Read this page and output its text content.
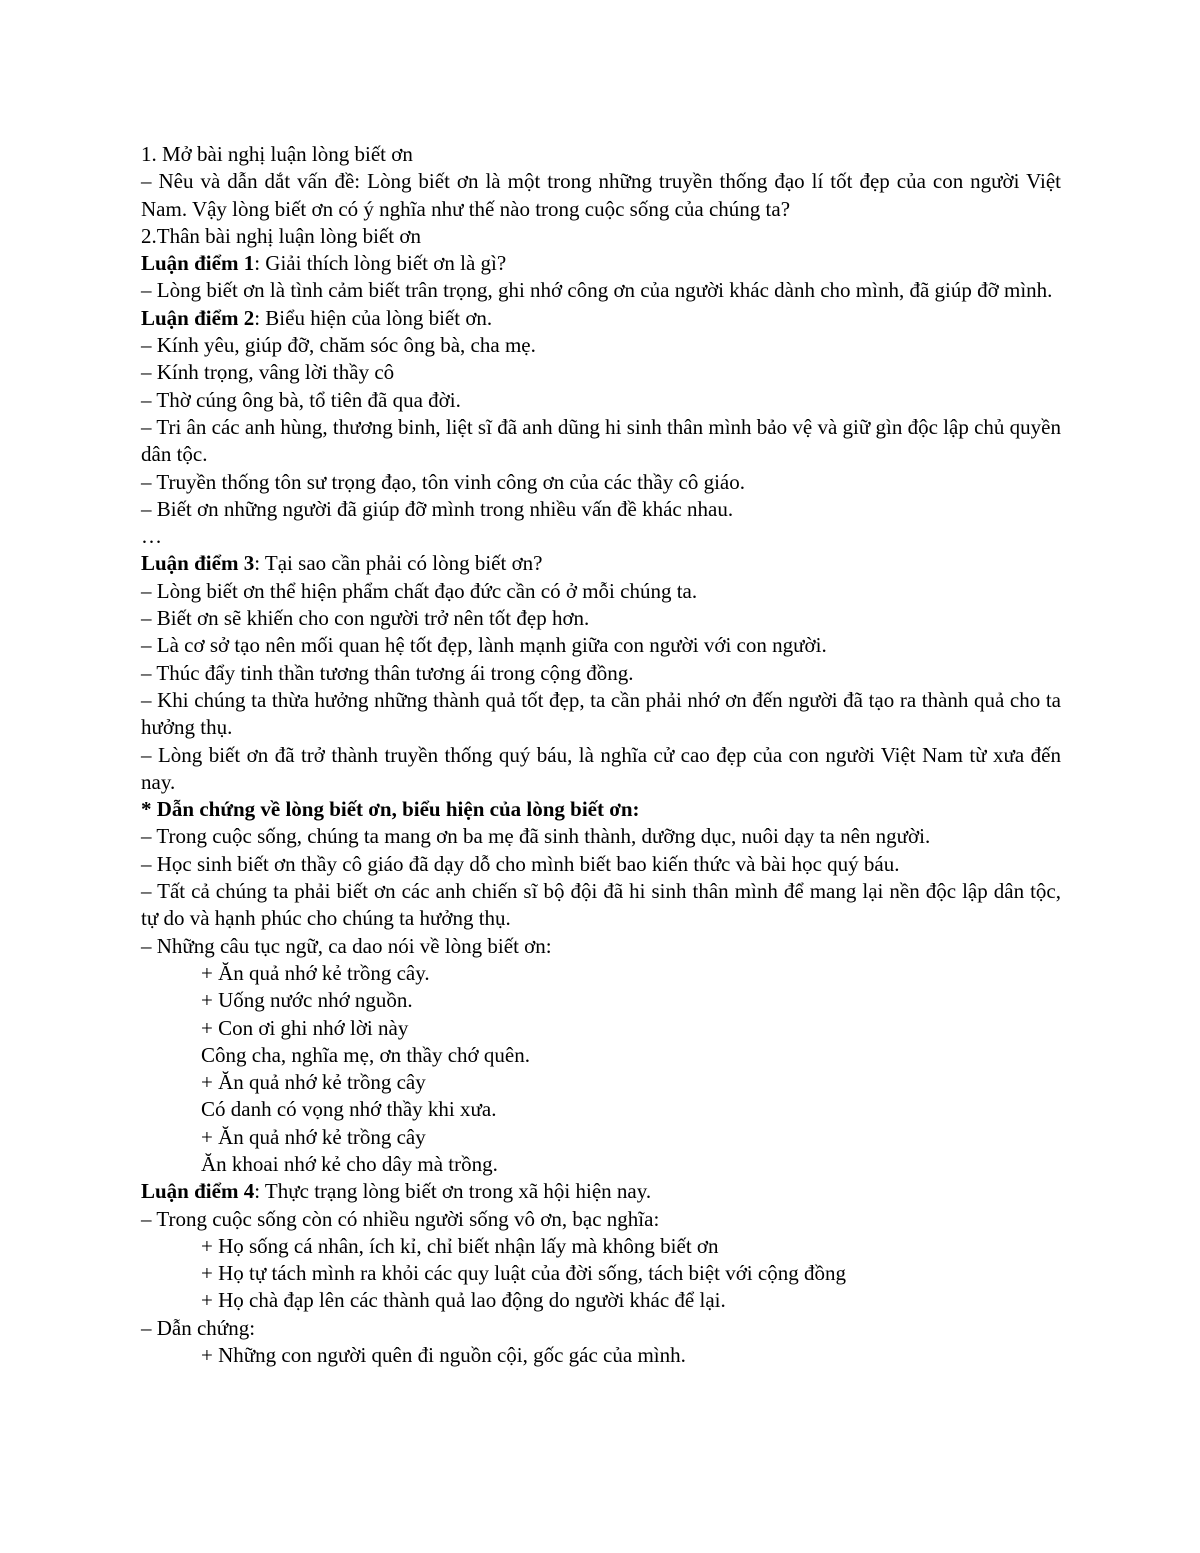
1. Mở bài nghị luận lòng biết ơn

– Nêu và dẫn dắt vấn đề: Lòng biết ơn là một trong những truyền thống đạo lí tốt đẹp của con người Việt Nam. Vậy lòng biết ơn có ý nghĩa như thế nào trong cuộc sống của chúng ta?

2.Thân bài nghị luận lòng biết ơn

Luận điểm 1: Giải thích lòng biết ơn là gì?

– Lòng biết ơn là tình cảm biết trân trọng, ghi nhớ công ơn của người khác dành cho mình, đã giúp đỡ mình.

Luận điểm 2: Biểu hiện của lòng biết ơn.

– Kính yêu, giúp đỡ, chăm sóc ông bà, cha mẹ.

– Kính trọng, vâng lời thầy cô

– Thờ cúng ông bà, tổ tiên đã qua đời.

– Tri ân các anh hùng, thương binh, liệt sĩ đã anh dũng hi sinh thân mình bảo vệ và giữ gìn độc lập chủ quyền dân tộc.

– Truyền thống tôn sư trọng đạo, tôn vinh công ơn của các thầy cô giáo.

– Biết ơn những người đã giúp đỡ mình trong nhiều vấn đề khác nhau.

…

Luận điểm 3: Tại sao cần phải có lòng biết ơn?

– Lòng biết ơn thể hiện phẩm chất đạo đức cần có ở mỗi chúng ta.

– Biết ơn sẽ khiến cho con người trở nên tốt đẹp hơn.

– Là cơ sở tạo nên mối quan hệ tốt đẹp, lành mạnh giữa con người với con người.

– Thúc đẩy tinh thần tương thân tương ái trong cộng đồng.

– Khi chúng ta thừa hưởng những thành quả tốt đẹp, ta cần phải nhớ ơn đến người đã tạo ra thành quả cho ta hưởng thụ.

– Lòng biết ơn đã trở thành truyền thống quý báu, là nghĩa cử cao đẹp của con người Việt Nam từ xưa đến nay.

* Dẫn chứng về lòng biết ơn, biểu hiện của lòng biết ơn:

– Trong cuộc sống, chúng ta mang ơn ba mẹ đã sinh thành, dưỡng dục, nuôi dạy ta nên người.

– Học sinh biết ơn thầy cô giáo đã dạy dỗ cho mình biết bao kiến thức và bài học quý báu.

– Tất cả chúng ta phải biết ơn các anh chiến sĩ bộ đội đã hi sinh thân mình để mang lại nền độc lập dân tộc, tự do và hạnh phúc cho chúng ta hưởng thụ.

– Những câu tục ngữ, ca dao nói về lòng biết ơn:

+ Ăn quả nhớ kẻ trồng cây.

+ Uống nước nhớ nguồn.

+ Con ơi ghi nhớ lời này

Công cha, nghĩa mẹ, ơn thầy chớ quên.

+ Ăn quả nhớ kẻ trồng cây

Có danh có vọng nhớ thầy khi xưa.

+ Ăn quả nhớ kẻ trồng cây

Ăn khoai nhớ kẻ cho dây mà trồng.

Luận điểm 4: Thực trạng lòng biết ơn trong xã hội hiện nay.

– Trong cuộc sống còn có nhiều người sống vô ơn, bạc nghĩa:

+ Họ sống cá nhân, ích kỉ, chỉ biết nhận lấy mà không biết ơn

+ Họ tự tách mình ra khỏi các quy luật của đời sống, tách biệt với cộng đồng

+ Họ chà đạp lên các thành quả lao động do người khác để lại.

– Dẫn chứng:

+ Những con người quên đi nguồn cội, gốc gác của mình.
